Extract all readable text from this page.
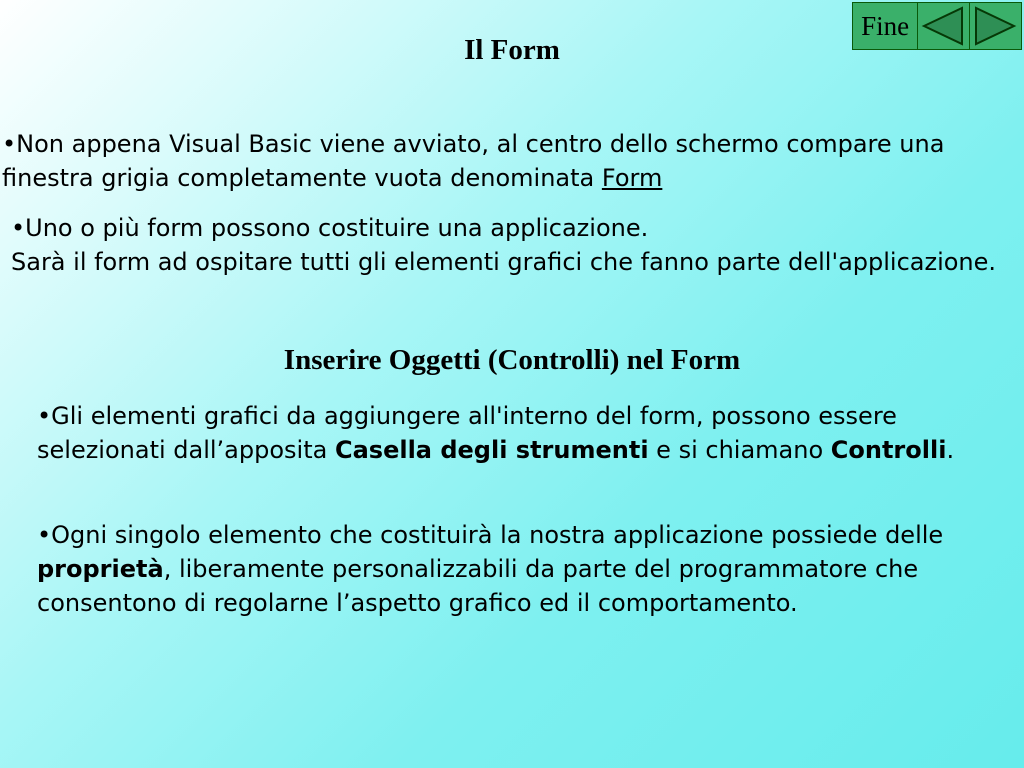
Fine
Il Form

•Non appena Visual Basic viene avviato, al centro dello schermo compare una finestra grigia completamente vuota denominata Form

•Uno o più form possono costituire una applicazione.
Sarà il form ad ospitare tutti gli elementi grafici che fanno parte dell'applicazione.

Inserire Oggetti (Controlli) nel Form

•Gli elementi grafici da aggiungere all'interno del form, possono essere selezionati dall’apposita Casella degli strumenti e si chiamano Controlli.

•Ogni singolo elemento che costituirà la nostra applicazione possiede delle proprietà, liberamente personalizzabili da parte del programmatore che consentono di regolarne l’aspetto grafico ed il comportamento.
